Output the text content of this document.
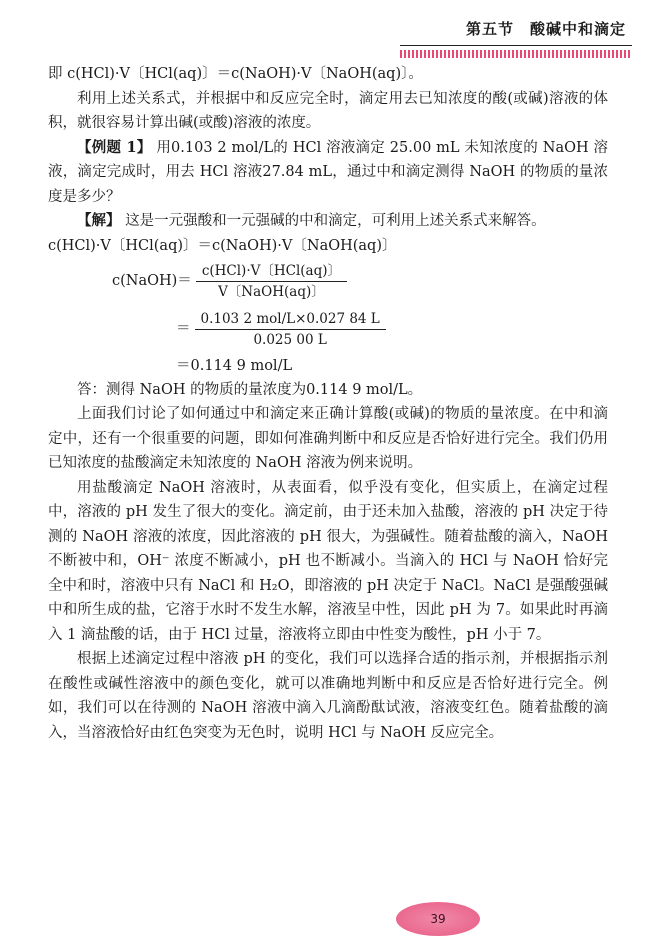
第五节　酸碱中和滴定

即 c(HCl)·V〔HCl(aq)〕＝c(NaOH)·V〔NaOH(aq)〕。

利用上述关系式，并根据中和反应完全时，滴定用去已知浓度的酸(或碱)溶液的体积，就很容易计算出碱(或酸)溶液的浓度。

【例题 1】 用0.103 2 mol/L的 HCl 溶液滴定 25.00 mL 未知浓度的 NaOH 溶液，滴定完成时，用去 HCl 溶液27.84 mL，通过中和滴定测得 NaOH 的物质的量浓度是多少？

【解】 这是一元强酸和一元强碱的中和滴定，可利用上述关系式来解答。

c(HCl)·V〔HCl(aq)〕＝c(NaOH)·V〔NaOH(aq)〕
c(NaOH)＝ $\frac{\text{c(HCl)·V〔HCl(aq)〕}}{\text{V〔NaOH(aq)〕}}$
＝ $\frac{\text{0.103 2 mol/L×0.027 84 L}}{0.025 00 L}$
＝0.114 9 mol/L

答：测得 NaOH 的物质的量浓度为0.114 9 mol/L。

上面我们讨论了如何通过中和滴定来正确计算酸(或碱)的物质的量浓度。在中和滴定中，还有一个很重要的问题，即如何准确判断中和反应是否恰好进行完全。我们仍用已知浓度的盐酸滴定未知浓度的 NaOH 溶液为例来说明。

用盐酸滴定 NaOH 溶液时，从表面看，似乎没有变化，但实质上，在滴定过程中，溶液的 pH 发生了很大的变化。滴定前，由于还未加入盐酸，溶液的 pH 决定于待测的 NaOH 溶液的浓度，因此溶液的 pH 很大，为强碱性。随着盐酸的滴入，NaOH 不断被中和，OH⁻ 浓度不断减小，pH 也不断减小。当滴入的 HCl 与 NaOH 恰好完全中和时，溶液中只有 NaCl 和 H₂O，即溶液的 pH 决定于 NaCl。NaCl 是强酸强碱中和所生成的盐，它溶于水时不发生水解，溶液呈中性，因此 pH 为 7。如果此时再滴入 1 滴盐酸的话，由于 HCl 过量，溶液将立即由中性变为酸性，pH 小于 7。

根据上述滴定过程中溶液 pH 的变化，我们可以选择合适的指示剂，并根据指示剂在酸性或碱性溶液中的颜色变化，就可以准确地判断中和反应是否恰好进行完全。例如，我们可以在待测的 NaOH 溶液中滴入几滴酚酞试液，溶液变红色。随着盐酸的滴入，当溶液恰好由红色突变为无色时，说明 HCl 与 NaOH 反应完全。

39
